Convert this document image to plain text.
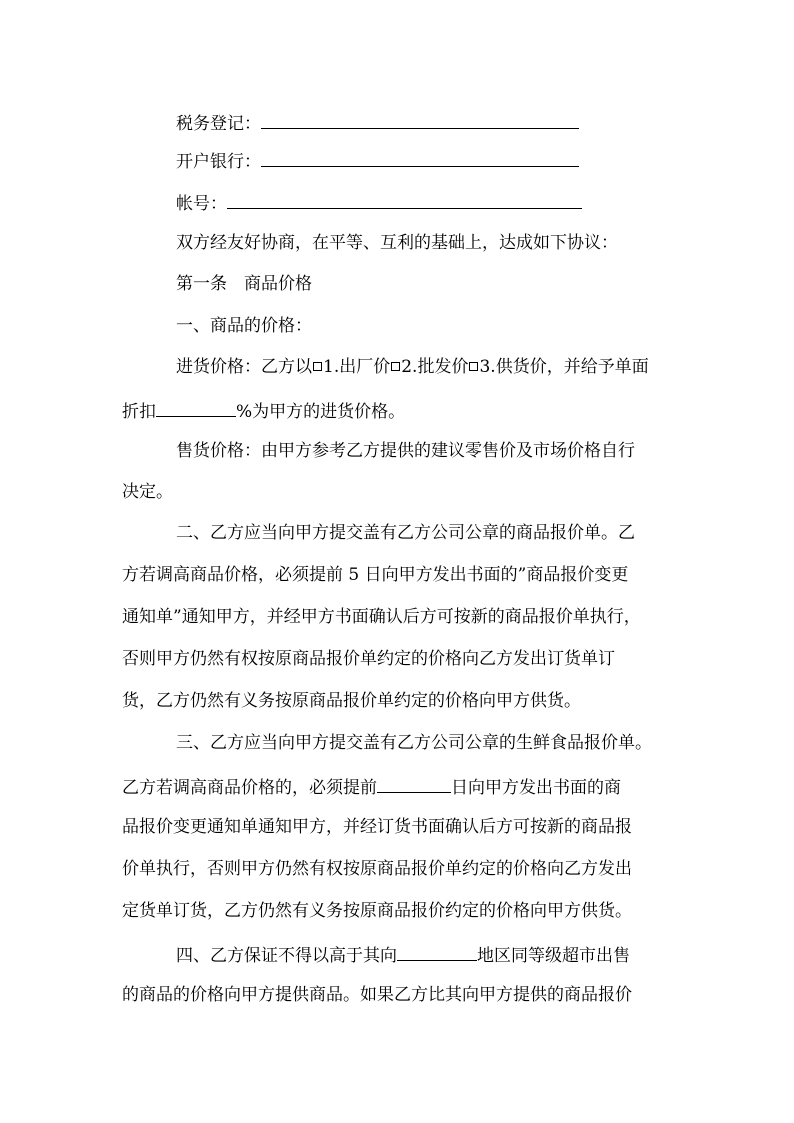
税务登记：
开户银行：
帐号：
双方经友好协商，在平等、互利的基础上，达成如下协议：
第一条　商品价格
一、商品的价格：
进货价格：乙方以 1.出厂价 2.批发价 3.供货价，并给予单面
折扣	%为甲方的进货价格。
售货价格：由甲方参考乙方提供的建议零售价及市场价格自行
决定。
二、乙方应当向甲方提交盖有乙方公司公章的商品报价单。乙
方若调高商品价格，必须提前 5 日向甲方发出书面的”商品报价变更
通知单”通知甲方，并经甲方书面确认后方可按新的商品报价单执行，
否则甲方仍然有权按原商品报价单约定的价格向乙方发出订货单订
货，乙方仍然有义务按原商品报价单约定的价格向甲方供货。
三、乙方应当向甲方提交盖有乙方公司公章的生鲜食品报价单。
乙方若调高商品价格的，必须提前	日向甲方发出书面的商
品报价变更通知单通知甲方，并经订货书面确认后方可按新的商品报
价单执行，否则甲方仍然有权按原商品报价单约定的价格向乙方发出
定货单订货，乙方仍然有义务按原商品报价约定的价格向甲方供货。
四、乙方保证不得以高于其向	地区同等级超市出售
的商品的价格向甲方提供商品。如果乙方比其向甲方提供的商品报价
